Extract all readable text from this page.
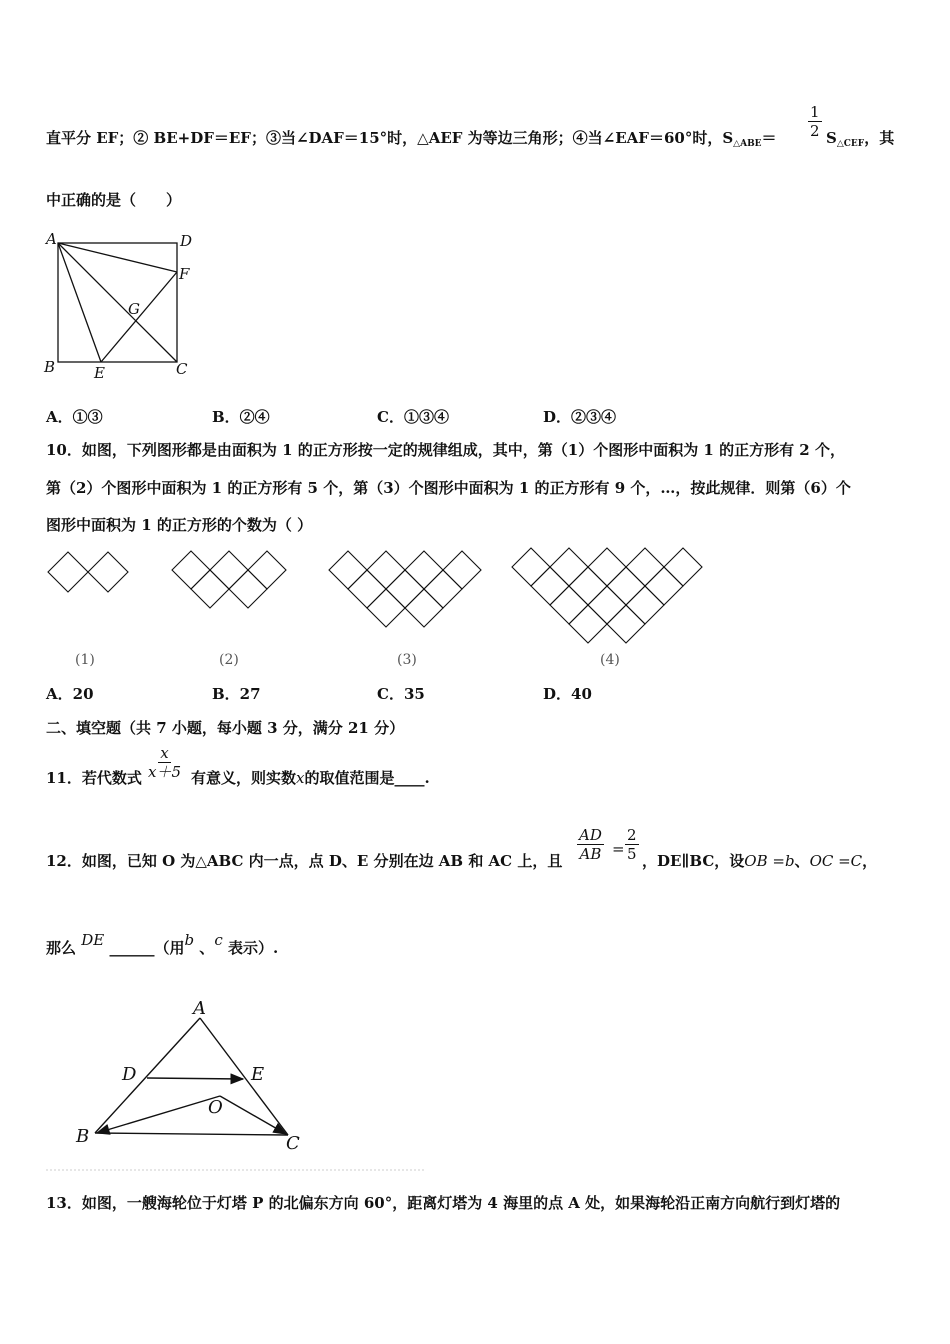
直平分 EF；② BE+DF＝EF；③当∠DAF＝15°时，△AEF 为等边三角形；④当∠EAF＝60°时，$S_{\triangle ABE}= \frac{1}{2} S_{\triangle CEF}$，其
中正确的是（　　）
A	D
F
G
B	E	C
A．①③	B．②④	C．①③④	D．②③④
10．如图，下列图形都是由面积为 1 的正方形按一定的规律组成，其中，第（1）个图形中面积为 1 的正方形有 2 个，
第（2）个图形中面积为 1 的正方形有 5 个，第（3）个图形中面积为 1 的正方形有 9 个，…，按此规律．则第（6）个
图形中面积为 1 的正方形的个数为（ ）
(1)	(2)	(3)	(4)
A．20	B．27	C．35	D．40
二、填空题（共 7 小题，每小题 3 分，满分 21 分）
11．若代数式 $\frac{x}{x+5}$ 有意义，则实数x的取值范围是____.
12．如图，已知 O 为△ABC 内一点，点 D、E 分别在边 AB 和 AC 上，且 $\frac{AD}{AB} = \frac{2}{5}$ ，DE∥BC，设OB =b、OC =C，
那么 DE ______（用b 、c 表示）.
A
D	E
O
B	C
13．如图，一艘海轮位于灯塔 P 的北偏东方向 60°，距离灯塔为 4 海里的点 A 处，如果海轮沿正南方向航行到灯塔的
